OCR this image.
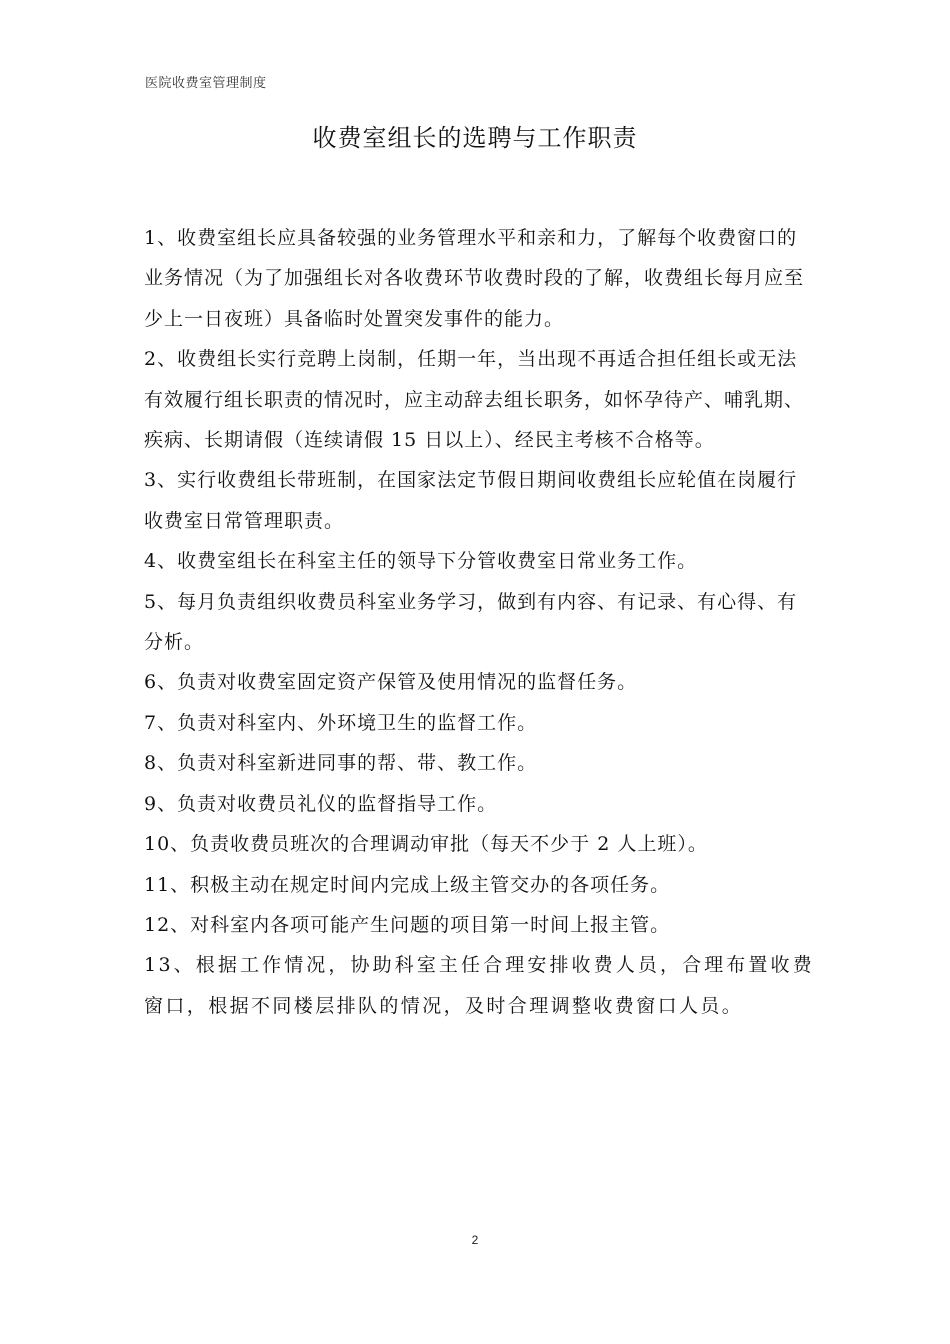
医院收费室管理制度
收费室组长的选聘与工作职责

1、收费室组长应具备较强的业务管理水平和亲和力，了解每个收费窗口的业务情况（为了加强组长对各收费环节收费时段的了解，收费组长每月应至少上一日夜班）具备临时处置突发事件的能力。

2、收费组长实行竞聘上岗制，任期一年，当出现不再适合担任组长或无法有效履行组长职责的情况时，应主动辞去组长职务，如怀孕待产、哺乳期、疾病、长期请假（连续请假 15 日以上）、经民主考核不合格等。

3、实行收费组长带班制，在国家法定节假日期间收费组长应轮值在岗履行收费室日常管理职责。

4、收费室组长在科室主任的领导下分管收费室日常业务工作。

5、每月负责组织收费员科室业务学习，做到有内容、有记录、有心得、有分析。

6、负责对收费室固定资产保管及使用情况的监督任务。

7、负责对科室内、外环境卫生的监督工作。

8、负责对科室新进同事的帮、带、教工作。

9、负责对收费员礼仪的监督指导工作。

10、负责收费员班次的合理调动审批（每天不少于 2 人上班）。

11、积极主动在规定时间内完成上级主管交办的各项任务。

12、对科室内各项可能产生问题的项目第一时间上报主管。

13、根据工作情况，协助科室主任合理安排收费人员，合理布置收费窗口，根据不同楼层排队的情况，及时合理调整收费窗口人员。

2
